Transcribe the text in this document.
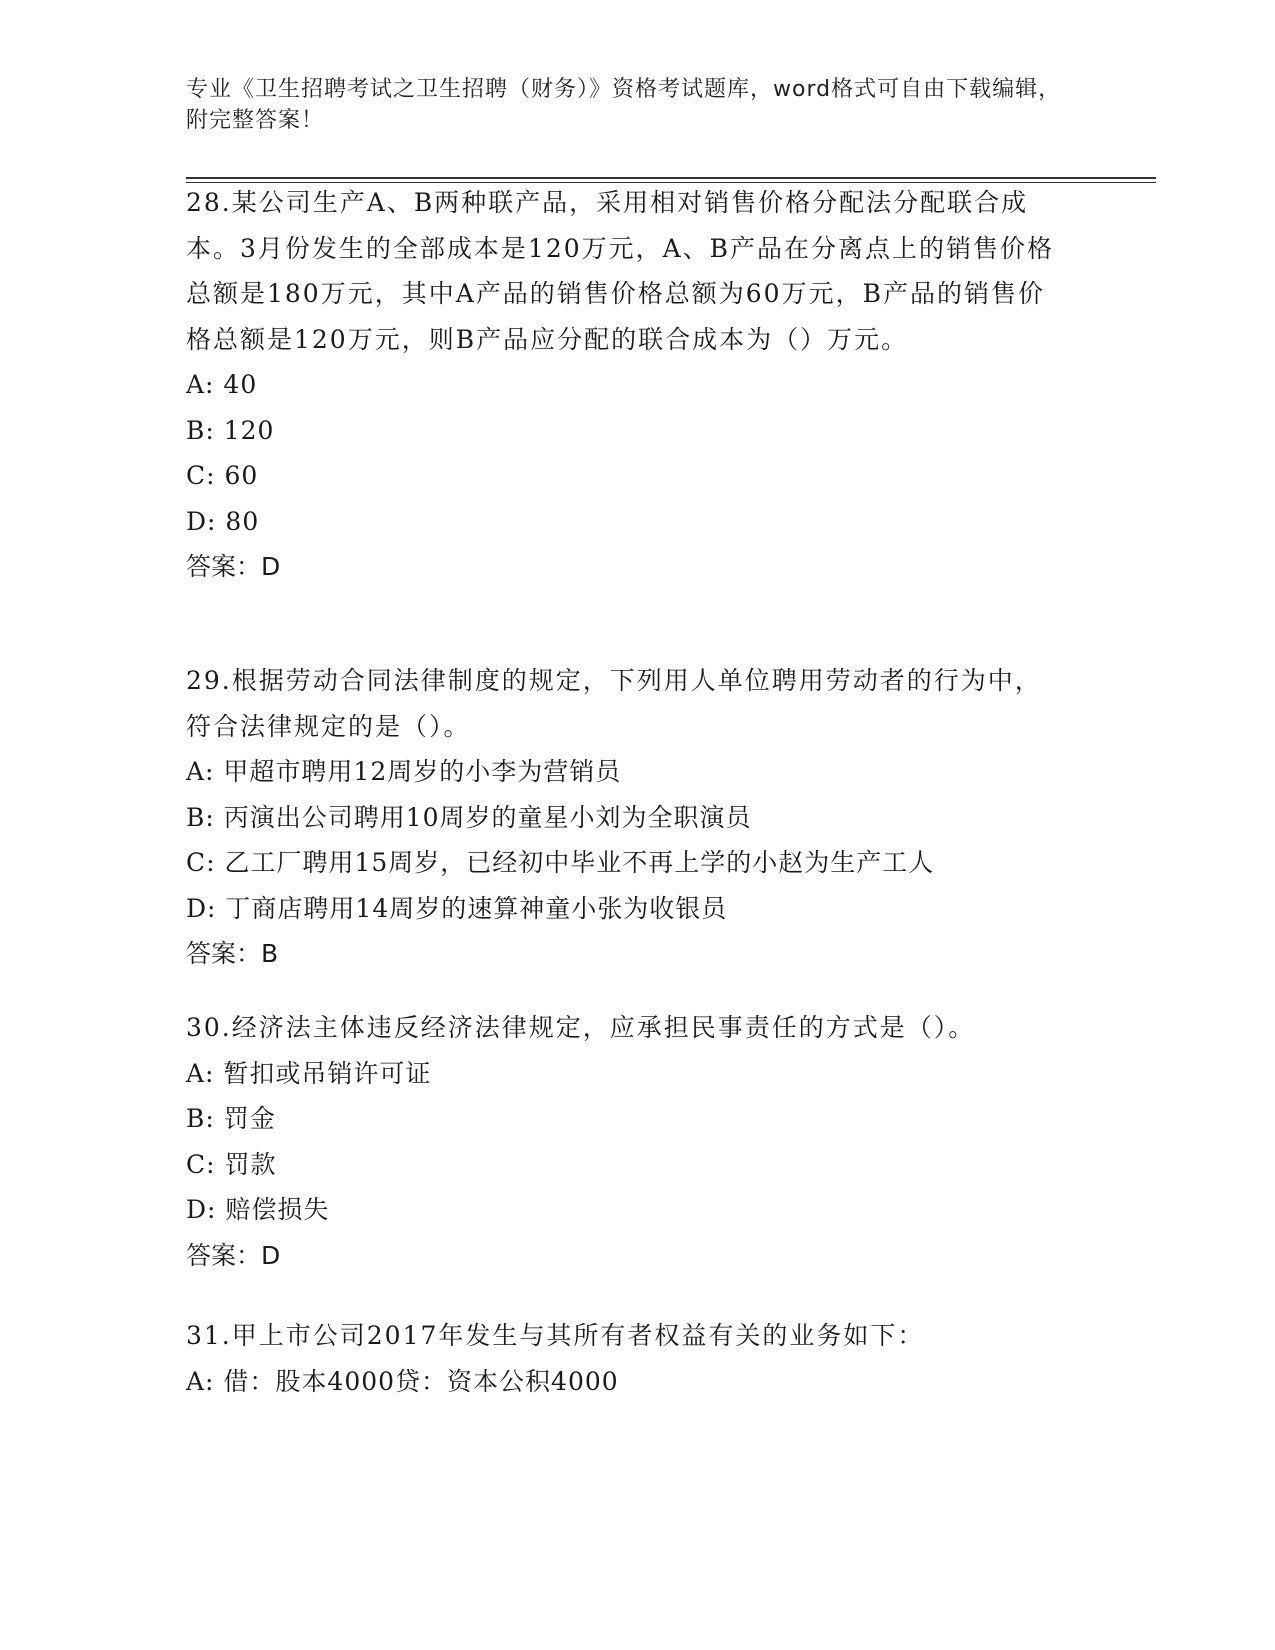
专业《卫生招聘考试之卫生招聘（财务）》资格考试题库，word格式可自由下载编辑，附完整答案！
28.某公司生产A、B两种联产品，采用相对销售价格分配法分配联合成本。3月份发生的全部成本是120万元，A、B产品在分离点上的销售价格总额是180万元，其中A产品的销售价格总额为60万元，B产品的销售价格总额是120万元，则B产品应分配的联合成本为（）万元。
A: 40
B: 120
C: 60
D: 80
答案：D
29.根据劳动合同法律制度的规定，下列用人单位聘用劳动者的行为中，符合法律规定的是（）。
A: 甲超市聘用12周岁的小李为营销员
B: 丙演出公司聘用10周岁的童星小刘为全职演员
C: 乙工厂聘用15周岁，已经初中毕业不再上学的小赵为生产工人
D: 丁商店聘用14周岁的速算神童小张为收银员
答案：B
30.经济法主体违反经济法律规定，应承担民事责任的方式是（）。
A: 暂扣或吊销许可证
B: 罚金
C: 罚款
D: 赔偿损失
答案：D
31.甲上市公司2017年发生与其所有者权益有关的业务如下：
A: 借：股本4000贷：资本公积4000
